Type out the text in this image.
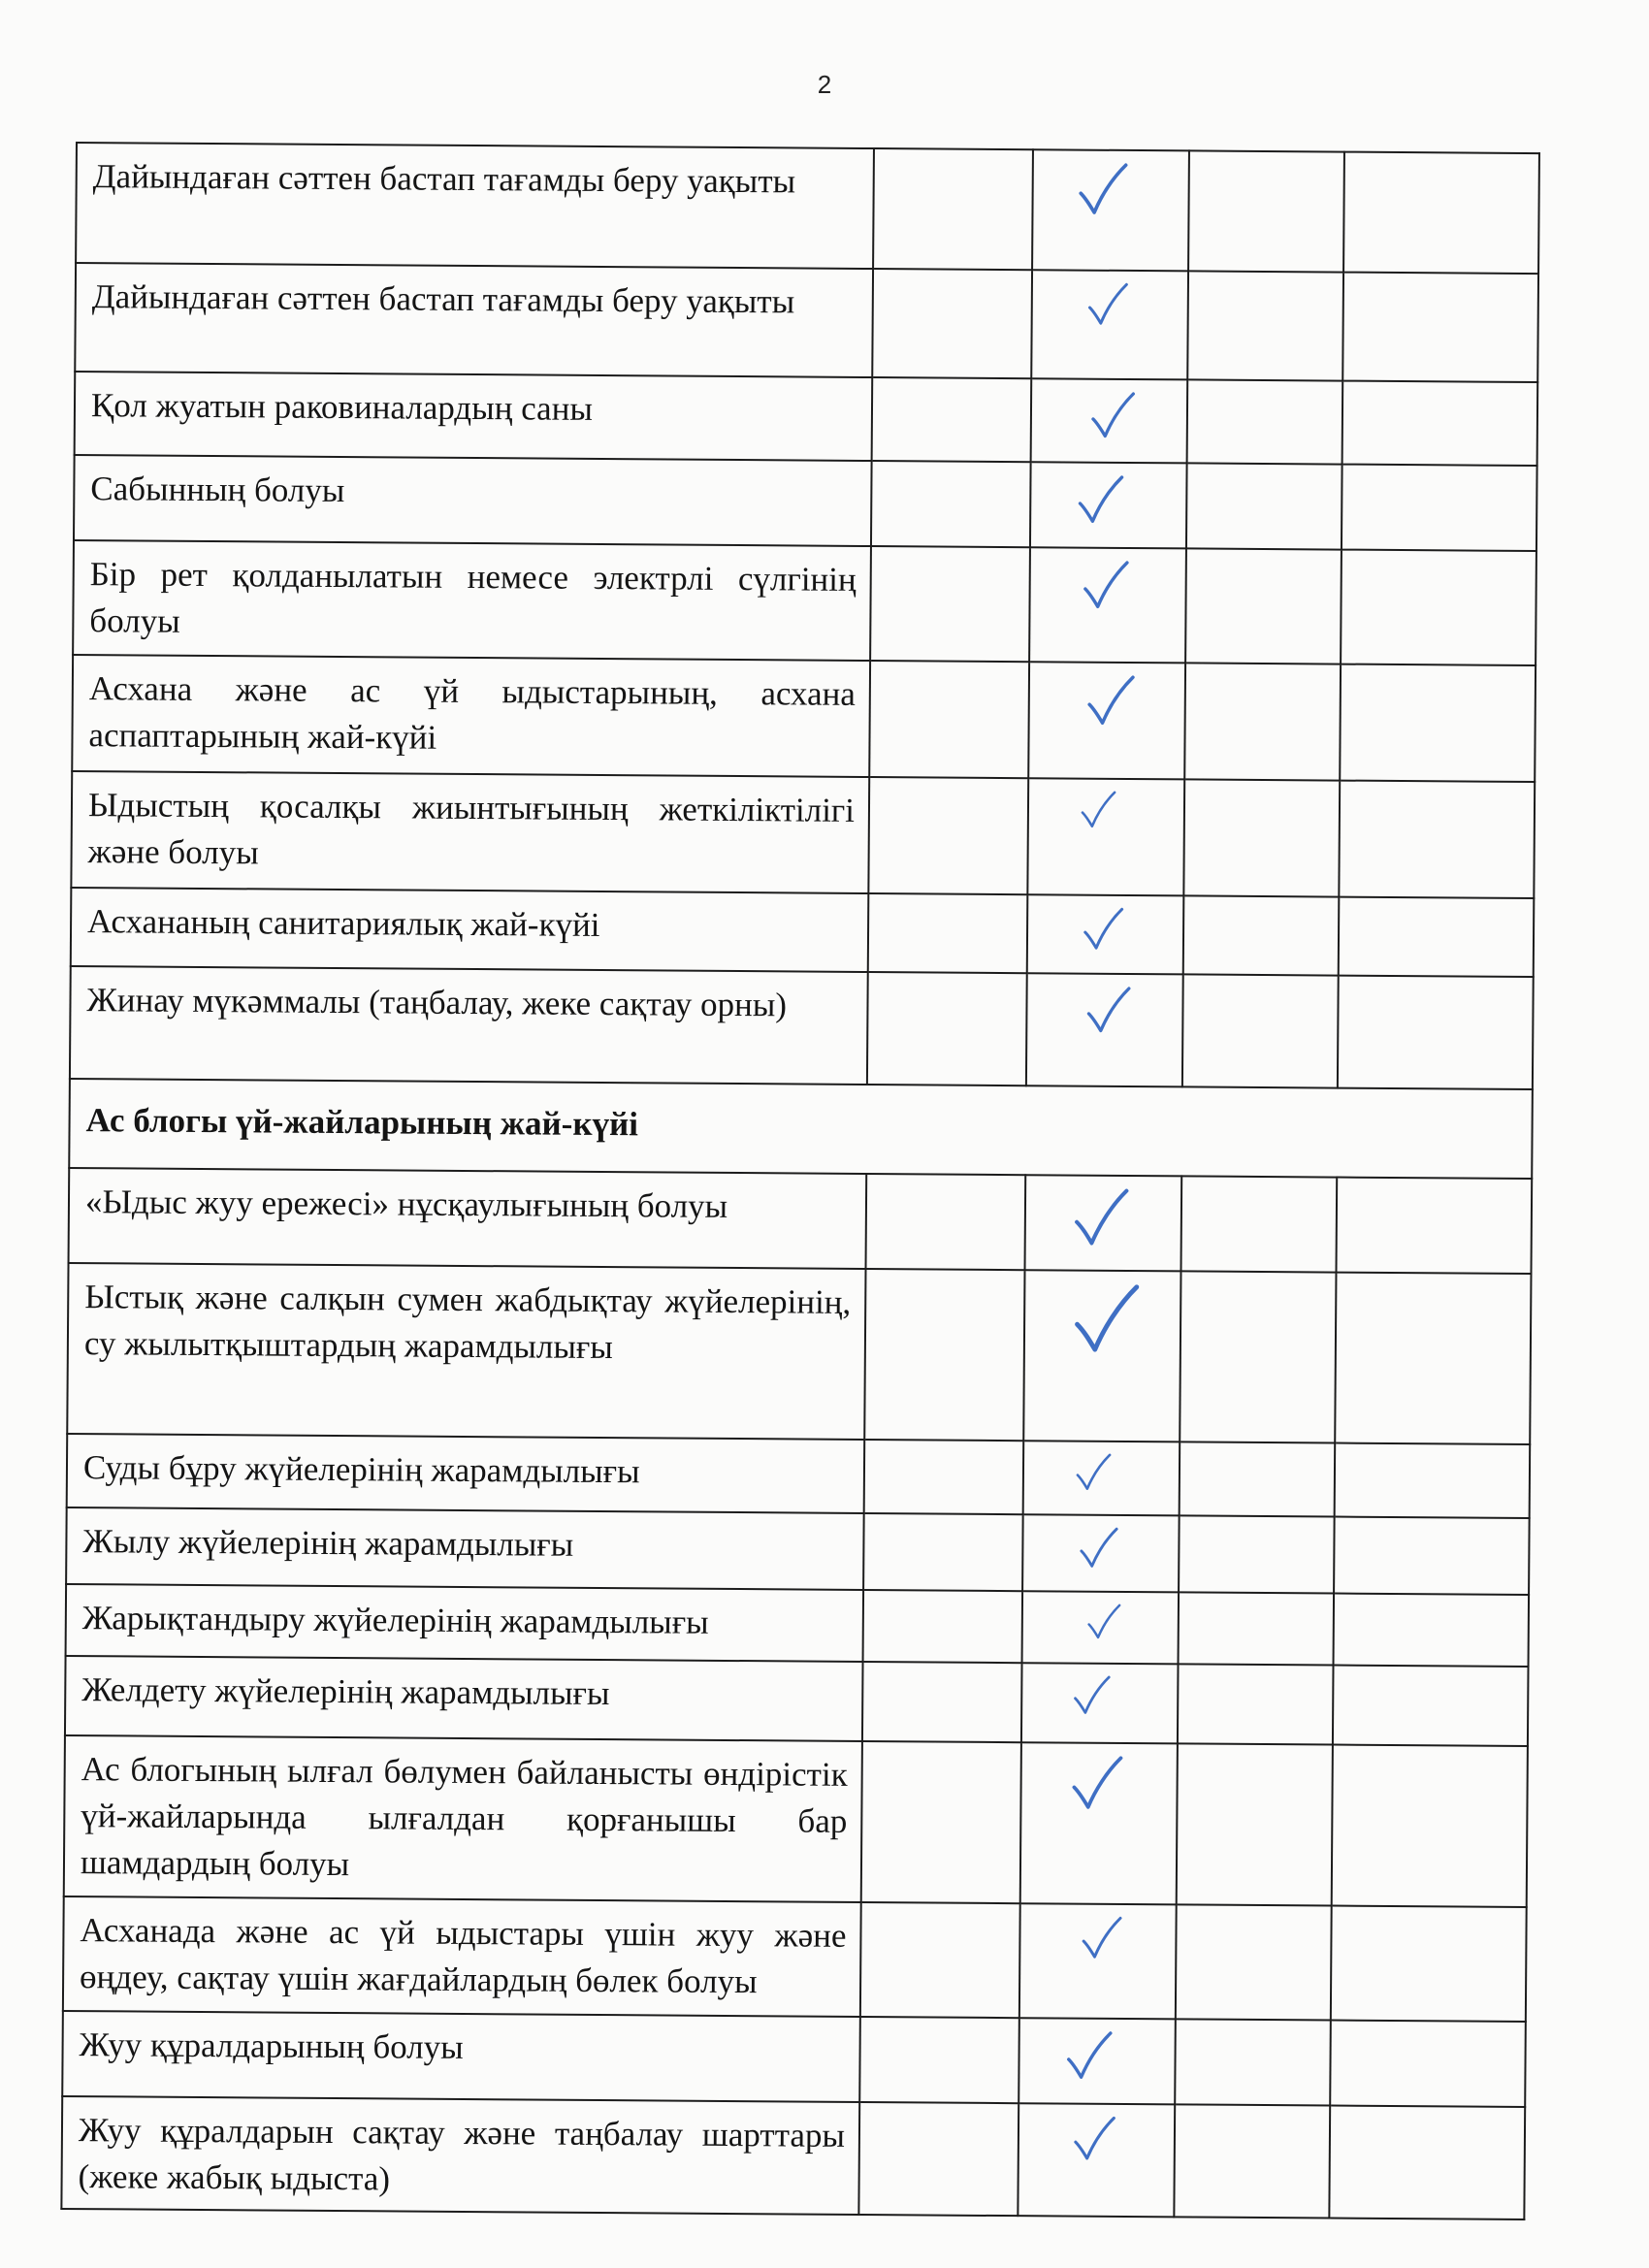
2
Дайындаған сәттен бастап тағамды беру уақыты				
Дайындаған сәттен бастап тағамды беру уақыты				
Қол жуатын раковиналардың саны				
Сабынның болуы				
Бір рет қолданылатын немесе электрлі сүлгінің болуы				
Асхана және ас үй ыдыстарының, асхана аспаптарының жай-күйі				
Ыдыстың қосалқы жиынтығының жеткіліктілігі және болуы				
Асхананың санитариялық жай-күйі				
Жинау мүкәммалы (таңбалау, жеке сақтау орны)				
Ас блогы үй-жайларының жай-күйі				
«Ыдыс жуу ережесі» нұсқаулығының болуы				
Ыстық және салқын сумен жабдықтау жүйелерінің, су жылытқыштардың жарамдылығы				
Суды бұру жүйелерінің жарамдылығы				
Жылу жүйелерінің жарамдылығы				
Жарықтандыру жүйелерінің жарамдылығы				
Желдету жүйелерінің жарамдылығы				
Ас блогының ылғал бөлумен байланысты өндірістік үй-жайларында ылғалдан қорғанышы бар шамдардың болуы				
Асханада және ас үй ыдыстары үшін жуу және өңдеу, сақтау үшін жағдайлардың бөлек болуы				
Жуу құралдарының болуы				
Жуу құралдарын сақтау және таңбалау шарттары (жеке жабық ыдыста)				
